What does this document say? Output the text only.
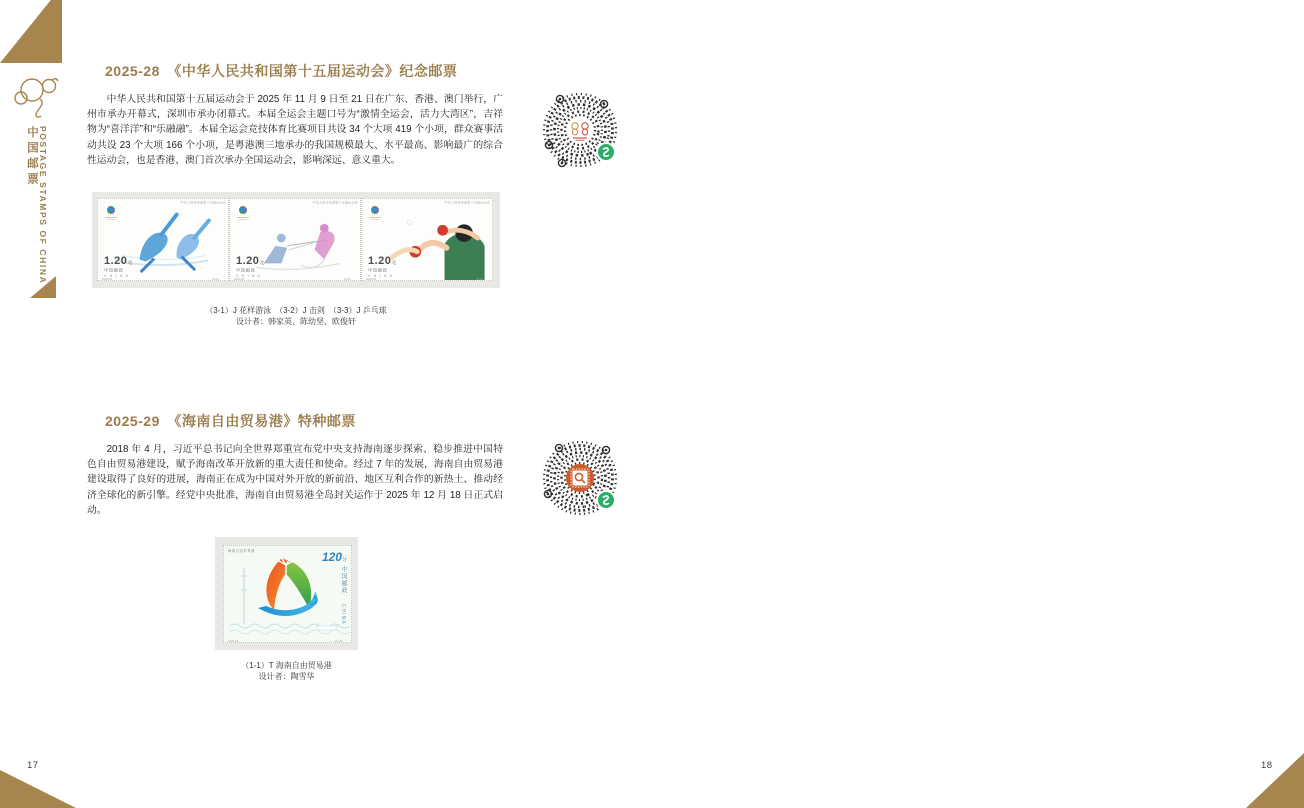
中国邮票 POSTAGE STAMPS OF CHINA
17	18
2025-28　《中华人民共和国第十五届运动会》纪念邮票
中华人民共和国第十五届运动会于 2025 年 11 月 9 日至 21 日在广东、香港、澳门举行，广州市承办开幕式，深圳市承办闭幕式。本届全运会主题口号为“激情全运会，活力大湾区”，吉祥物为“喜洋洋”和“乐融融”。本届全运会竞技体育比赛项目共设 34 个大项 419 个小项，群众赛事活动共设 23 个大项 166 个小项，是粤港澳三地承办的我国规模最大、水平最高、影响最广的综合性运动会，也是香港、澳门首次承办全国运动会，影响深远、意义重大。
中华人民共和国第十五届运动会
1.20元
中国邮政
C H I N A
2025-28	(3-1)J
中华人民共和国第十五届运动会
1.20元
中国邮政
C H I N A
2025-28	(3-2)J
中华人民共和国第十五届运动会
1.20元
中国邮政
C H I N A
2025-28	(3-3)J
（3-1）J 花样游泳　（3-2）J 击剑　（3-3）J 乒乓球
设计者：韩家英、陈幼坚、欧俊轩
2025-29　《海南自由贸易港》特种邮票
2018 年 4 月，习近平总书记向全世界郑重宣布党中央支持海南逐步探索、稳步推进中国特色自由贸易港建设，赋予海南改革开放新的重大责任和使命。经过 7 年的发展，海南自由贸易港建设取得了良好的进展，海南正在成为中国对外开放的新前沿、地区互利合作的新热土、推动经济全球化的新引擎。经党中央批准，海南自由贸易港全岛封关运作于 2025 年 12 月 18 日正式启动。
海南自由贸易港	120分
中国邮政
CHINA
2025-29	(1-1)T
（1-1）T 海南自由贸易港
设计者：陶雪华
